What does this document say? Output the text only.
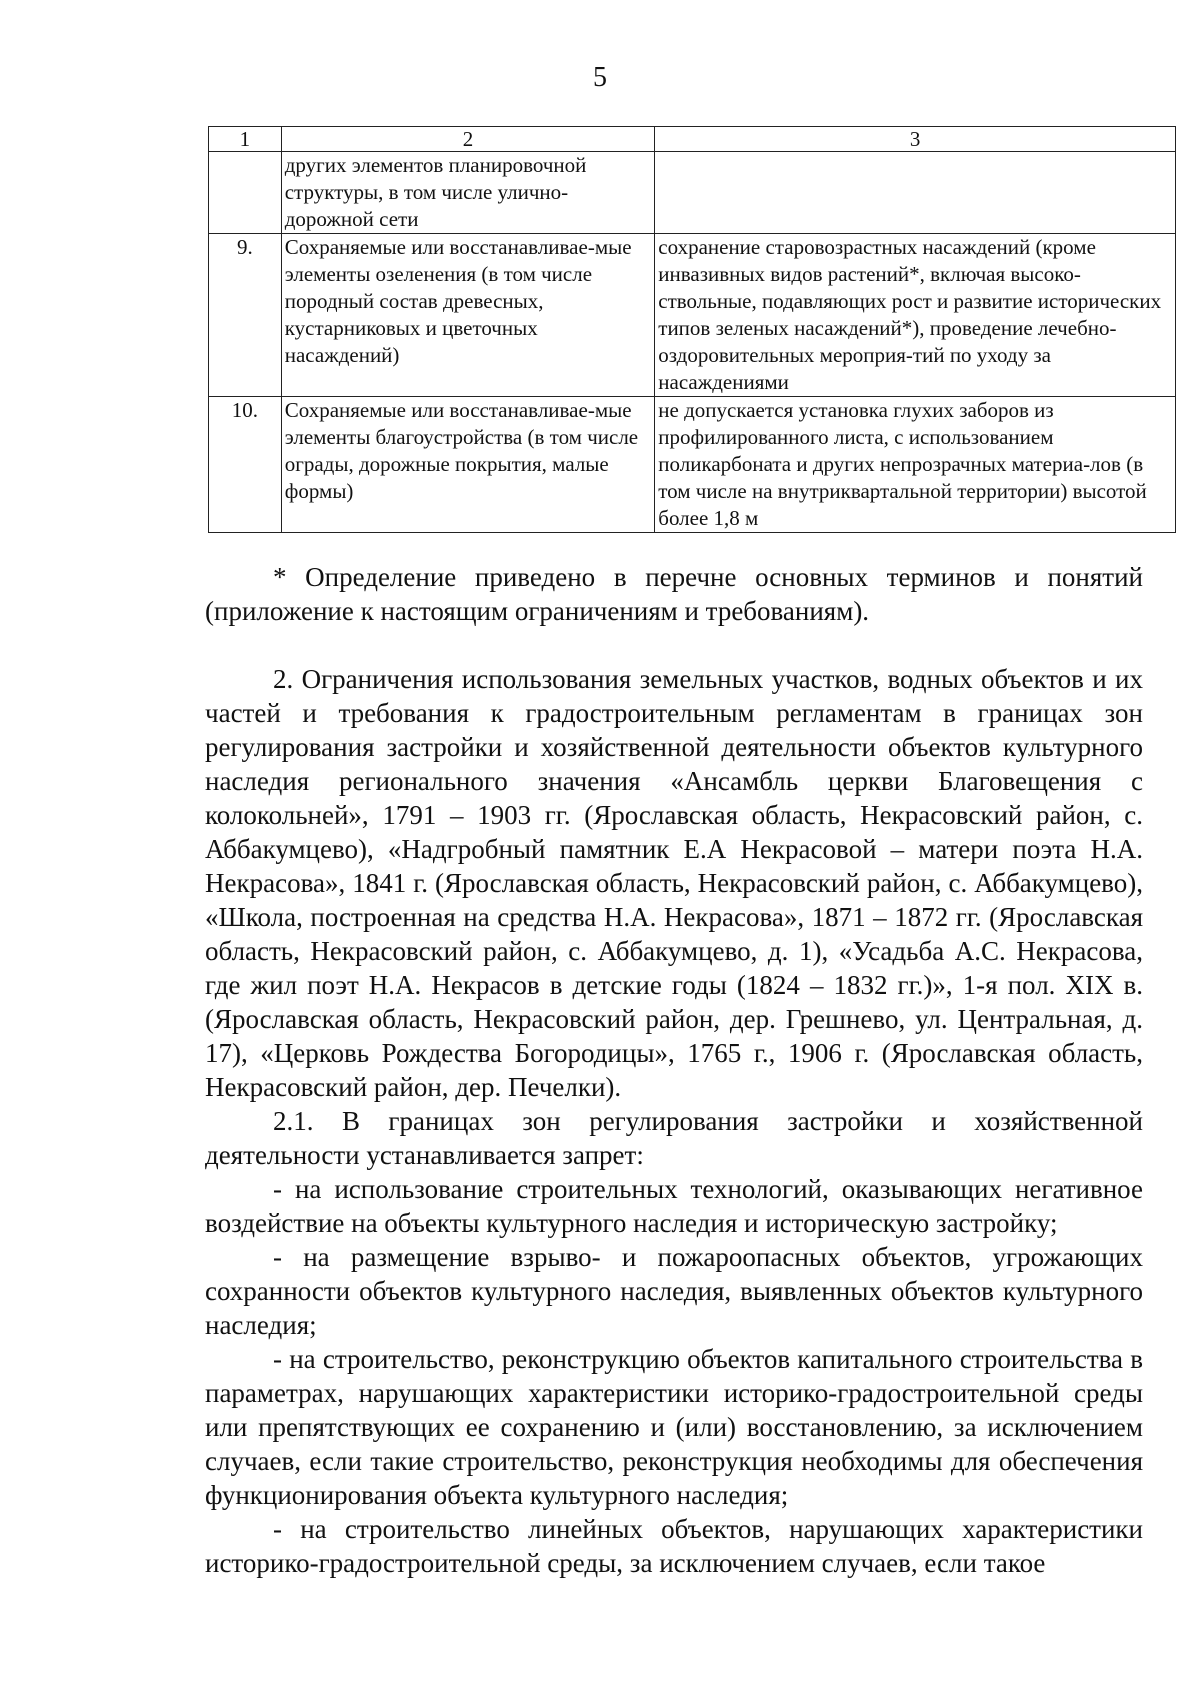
5
1	2	3
	других элементов планировочной структуры, в том числе улично-дорожной сети	
9.	Сохраняемые или восстанавливае-мые элементы озеленения (в том числе породный состав древесных, кустарниковых и цветочных насаждений)	сохранение старовозрастных насаждений (кроме инвазивных видов растений*, включая высоко-ствольные, подавляющих рост и развитие исторических типов зеленых насаждений*), проведение лечебно-оздоровительных мероприя-тий по уходу за насаждениями
10.	Сохраняемые или восстанавливае-мые элементы благоустройства (в том числе ограды, дорожные покрытия, малые формы)	не допускается установка глухих заборов из профилированного листа, с использованием поликарбоната и других непрозрачных материа-лов (в том числе на внутриквартальной территории) высотой более 1,8 м

* Определение приведено в перечне основных терминов и понятий (приложение к настоящим ограничениям и требованиям).

2. Ограничения использования земельных участков, водных объектов и их частей и требования к градостроительным регламентам в границах зон регулирования застройки и хозяйственной деятельности объектов культурного наследия регионального значения «Ансамбль церкви Благовещения с колокольней», 1791 – 1903 гг. (Ярославская область, Некрасовский район, с. Аббакумцево), «Надгробный памятник Е.А Некрасовой – матери поэта Н.А. Некрасова», 1841 г. (Ярославская область, Некрасовский район, с. Аббакумцево), «Школа, построенная на средства Н.А. Некрасова», 1871 – 1872 гг. (Ярославская область, Некрасовский район, с. Аббакумцево, д. 1), «Усадьба А.С. Некрасова, где жил поэт Н.А. Некрасов в детские годы (1824 – 1832 гг.)», 1-я пол. XIX в. (Ярославская область, Некрасовский район, дер. Грешнево, ул. Центральная, д. 17), «Церковь Рождества Богородицы», 1765 г., 1906 г. (Ярославская область, Некрасовский район, дер. Печелки).

2.1. В границах зон регулирования застройки и хозяйственной деятельности устанавливается запрет:

- на использование строительных технологий, оказывающих негативное воздействие на объекты культурного наследия и историческую застройку;

- на размещение взрыво- и пожароопасных объектов, угрожающих сохранности объектов культурного наследия, выявленных объектов культурного наследия;

- на строительство, реконструкцию объектов капитального строительства в параметрах, нарушающих характеристики историко-градостроительной среды или препятствующих ее сохранению и (или) восстановлению, за исключением случаев, если такие строительство, реконструкция необходимы для обеспечения функционирования объекта культурного наследия;

- на строительство линейных объектов, нарушающих характеристики историко-градостроительной среды, за исключением случаев, если такое
